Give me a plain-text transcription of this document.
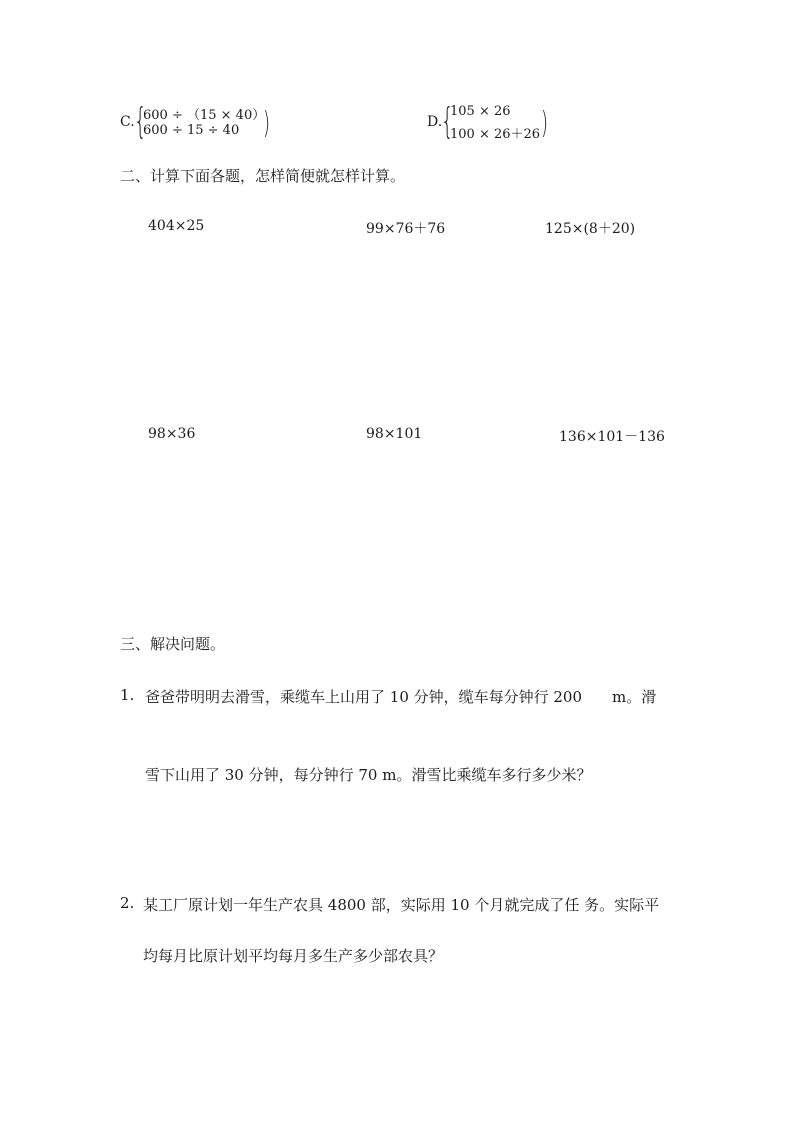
C. {
600 ÷ （15 × 40）
600 ÷ 15 ÷ 40 )	D.
{
105 × 26
100 × 26＋26 )
二、计算下面各题，怎样简便就怎样计算。
404×25	99×76＋76	125×(8＋20)
98×36	98×101	136×101－136
三、解决问题。
1. 爸爸带明明去滑雪，乘缆车上山用了 10 分钟，缆车每分钟行 200　　m。滑
雪下山用了 30 分钟，每分钟行 70 m。滑雪比乘缆车多行多少米？
2. 某工厂原计划一年生产农具 4800 部，实际用 10 个月就完成了任 务。实际平
均每月比原计划平均每月多生产多少部农具？
